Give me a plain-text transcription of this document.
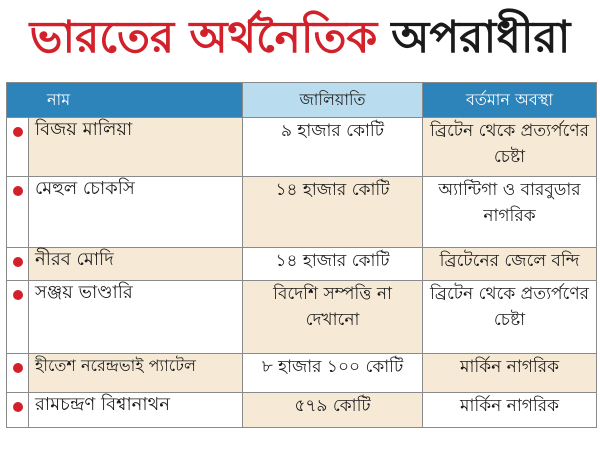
ভারতের অর্থনৈতিক অপরাধীরা
নাম		জালিয়াতি	বর্তমান অবস্থা
	বিজয় মালিয়া	৯ হাজার কোটি	ব্রিটেন থেকে প্রত্যর্পণের চেষ্টা
	মেহুল চোকসি	১৪ হাজার কোটি	অ্যান্টিগা ও বারবুডার নাগরিক
	নীরব মোদি	১৪ হাজার কোটি	ব্রিটেনের জেলে বন্দি
	সঞ্জয় ভাণ্ডারি	বিদেশি সম্পত্তি না দেখানো	ব্রিটেন থেকে প্রত্যর্পণের চেষ্টা
	হীতেশ নরেন্দ্রভাই প্যাটেল	৮ হাজার ১০০ কোটি	মার্কিন নাগরিক
	রামচন্দ্রণ বিশ্বানাথন	৫৭৯ কোটি	মার্কিন নাগরিক
